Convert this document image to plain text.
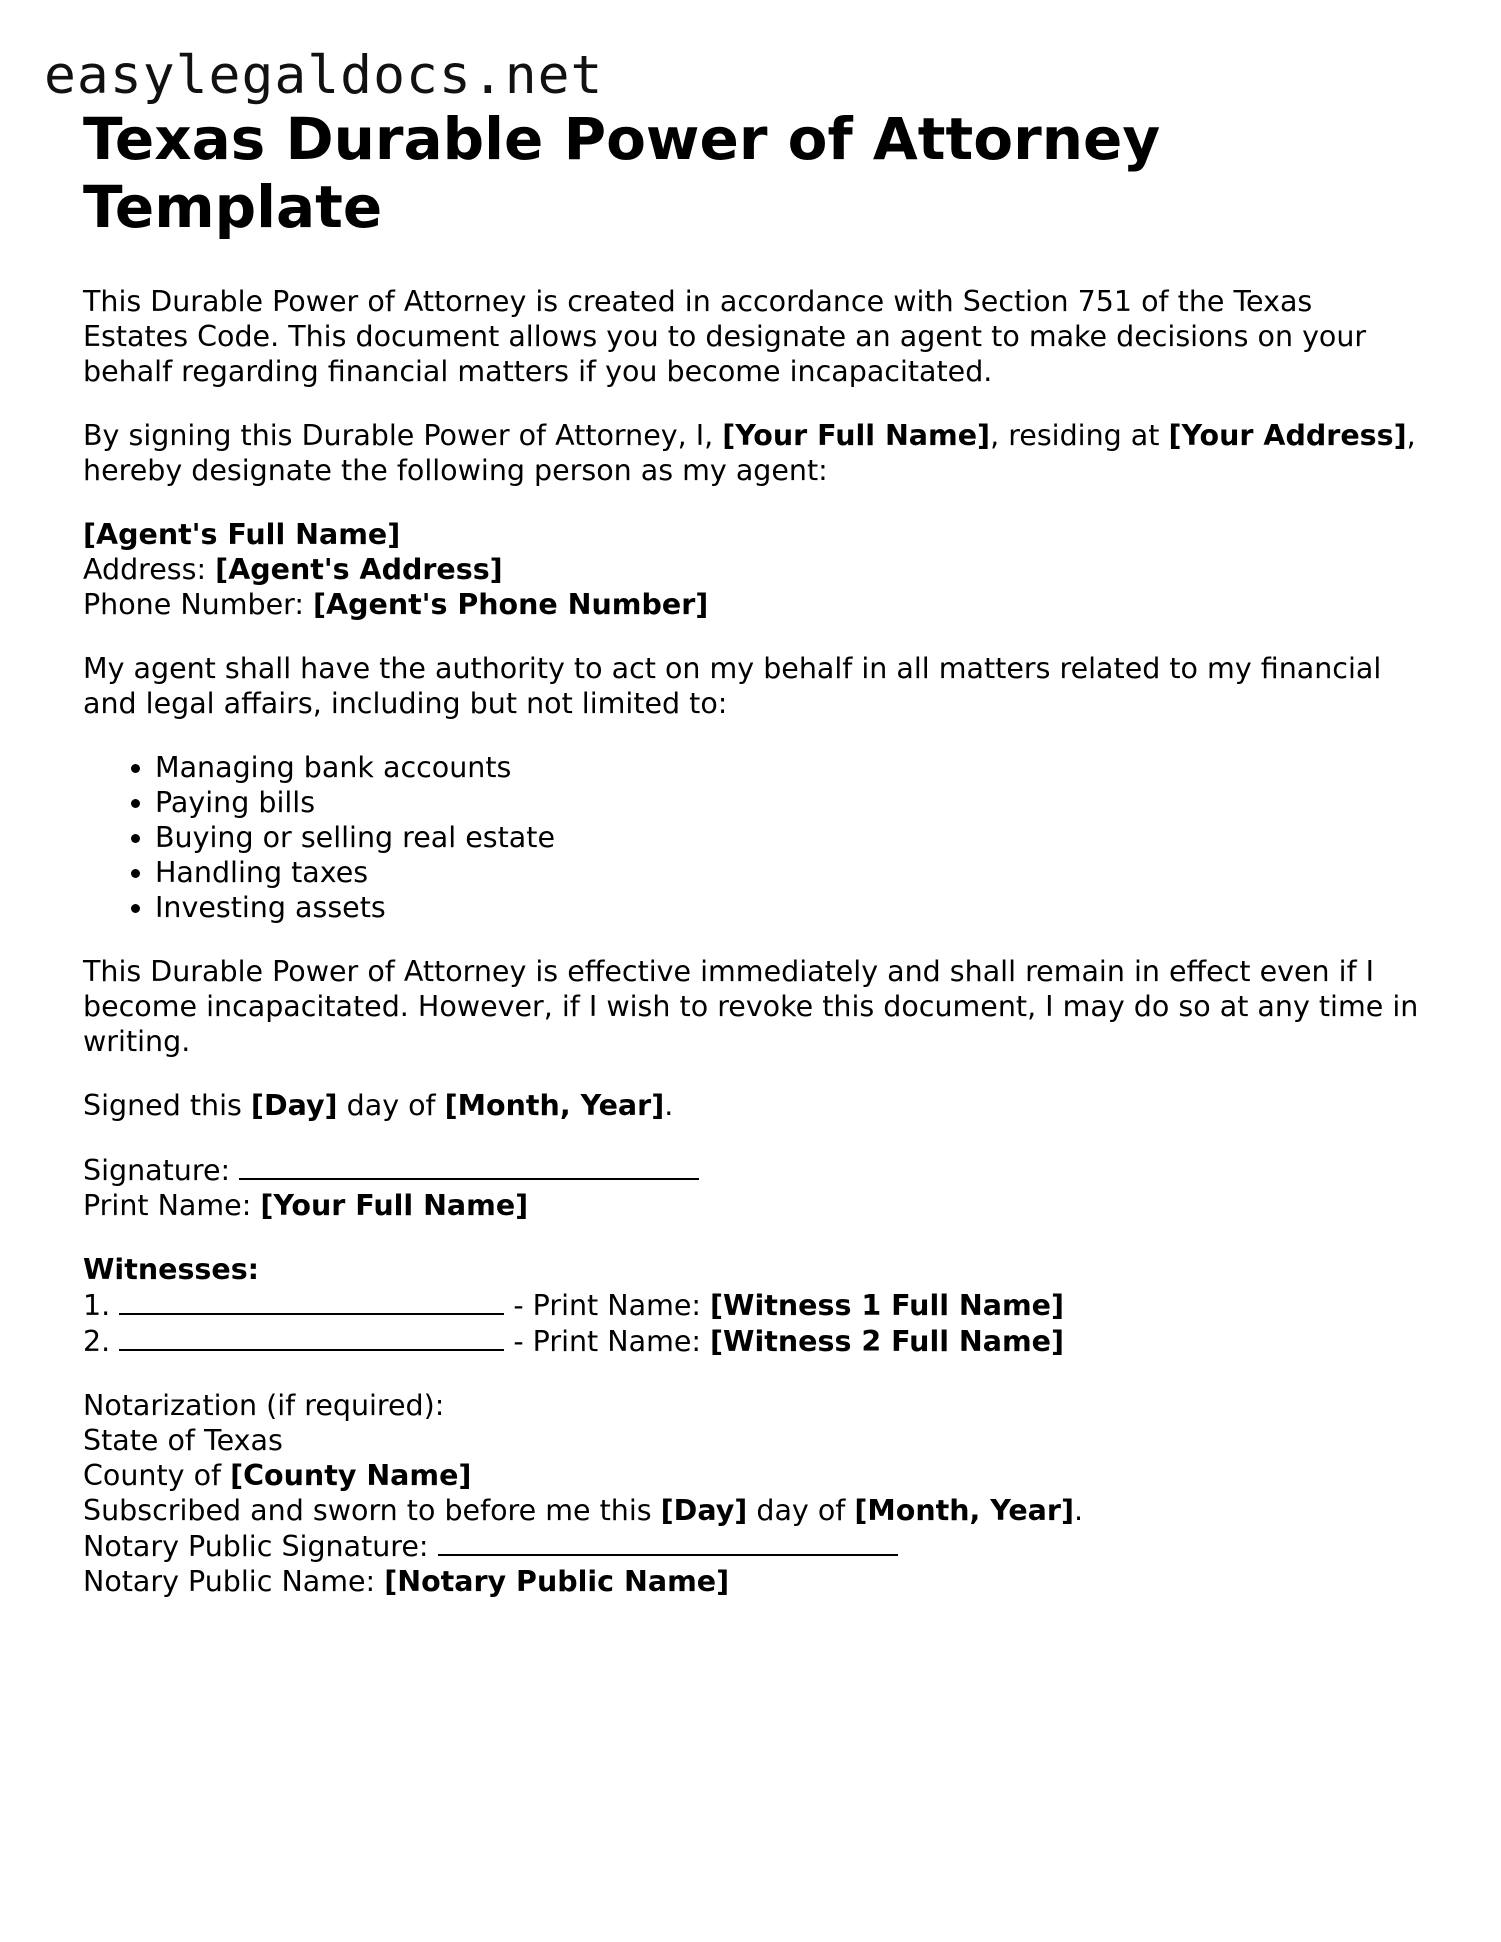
easylegaldocs.net
Texas Durable Power of Attorney Template

This Durable Power of Attorney is created in accordance with Section 751 of the Texas Estates Code. This document allows you to designate an agent to make decisions on your behalf regarding financial matters if you become incapacitated.

By signing this Durable Power of Attorney, I, [Your Full Name], residing at [Your Address], hereby designate the following person as my agent:

[Agent's Full Name]
Address: [Agent's Address]
Phone Number: [Agent's Phone Number]

My agent shall have the authority to act on my behalf in all matters related to my financial and legal affairs, including but not limited to:

• Managing bank accounts
• Paying bills
• Buying or selling real estate
• Handling taxes
• Investing assets

This Durable Power of Attorney is effective immediately and shall remain in effect even if I become incapacitated. However, if I wish to revoke this document, I may do so at any time in writing.

Signed this [Day] day of [Month, Year].

Signature:
Print Name: [Your Full Name]

Witnesses:
1.	- Print Name: [Witness 1 Full Name]
2.	- Print Name: [Witness 2 Full Name]

Notarization (if required):
State of Texas
County of [County Name]
Subscribed and sworn to before me this [Day] day of [Month, Year].
Notary Public Signature:
Notary Public Name: [Notary Public Name]
